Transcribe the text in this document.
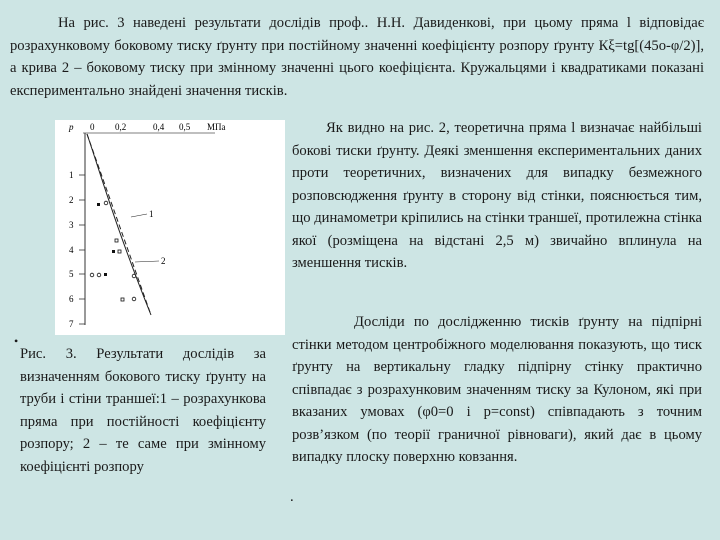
На рис. 3 наведені результати дослідів проф.. Н.Н. Давиденкові, при цьому пряма l відповідає розрахунковому боковому тиску ґрунту при постійному значенні коефіцієнту розпору ґрунту Кξ=tg[(45о-φ/2)], а крива 2 – боковому тиску при змінному значенні цього коефіцієнта. Кружальцями і квадратиками показані експериментально знайдені значення тисків.

р 0 0,2	0,4 0,5 МПа
1
2
3
4
5
6
7
1
2
•

Рис. 3. Результати дослідів за визначенням бокового тиску ґрунту на труби і стіни траншеї:1 – розрахункова пряма при постійності коефіцієнту розпору; 2 – те саме при змінному коефіцієнті розпору

Як видно на рис. 2, теоретична пряма l визначає найбільші бокові тиски ґрунту. Деякі зменшення експериментальних даних проти теоретичних, визначених для випадку безмежного розповсюдження ґрунту в сторону від стінки, пояснюється тим, що динамометри кріпились на стінки траншеї, протилежна стінка якої (розміщена на відстані 2,5 м) звичайно вплинула на зменшення тисків.

Досліди по дослідженню тисків ґрунту на підпірні стінки методом центробіжного моделювання показують, що тиск ґрунту на вертикальну гладку підпірну стінку практично співпадає з розрахунковим значенням тиску за Кулоном, які при вказаних умовах (φ0=0 і p=const) співпадають з точним розв’язком (по теорії граничної рівноваги), який дає в цьому випадку плоску поверхню ковзання.

.
